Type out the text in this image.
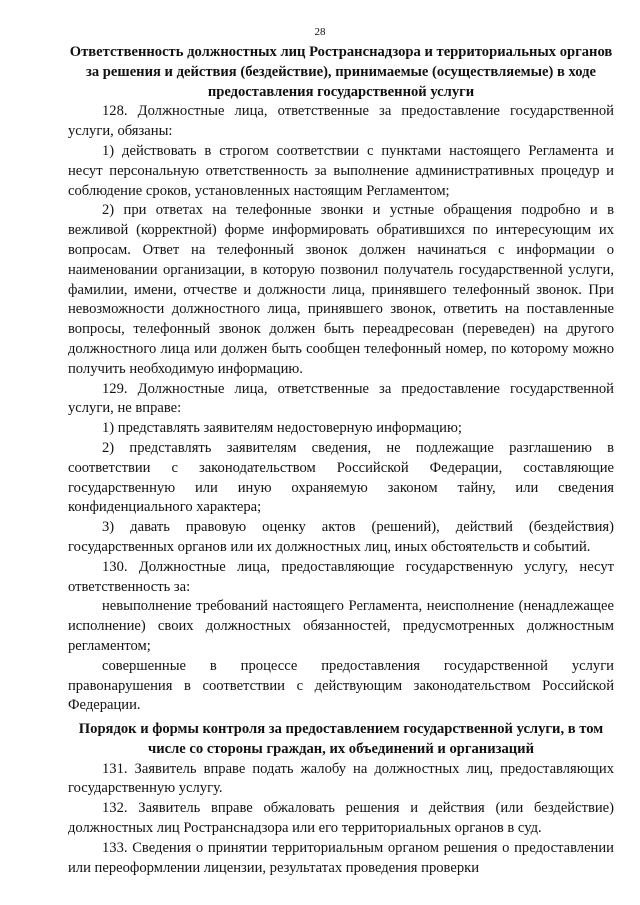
28

Ответственность должностных лиц Ространснадзора и территориальных органов за решения и действия (бездействие), принимаемые (осуществляемые) в ходе предоставления государственной услуги

128. Должностные лица, ответственные за предоставление государственной услуги, обязаны:

1) действовать в строгом соответствии с пунктами настоящего Регламента и несут персональную ответственность за выполнение административных процедур и соблюдение сроков, установленных настоящим Регламентом;

2) при ответах на телефонные звонки и устные обращения подробно и в вежливой (корректной) форме информировать обратившихся по интересующим их вопросам. Ответ на телефонный звонок должен начинаться с информации о наименовании организации, в которую позвонил получатель государственной услуги, фамилии, имени, отчестве и должности лица, принявшего телефонный звонок. При невозможности должностного лица, принявшего звонок, ответить на поставленные вопросы, телефонный звонок должен быть переадресован (переведен) на другого должностного лица или должен быть сообщен телефонный номер, по которому можно получить необходимую информацию.

129. Должностные лица, ответственные за предоставление государственной услуги, не вправе:

1) представлять заявителям недостоверную информацию;

2) представлять заявителям сведения, не подлежащие разглашению в соответствии с законодательством Российской Федерации, составляющие государственную или иную охраняемую законом тайну, или сведения конфиденциального характера;

3) давать правовую оценку актов (решений), действий (бездействия) государственных органов или их должностных лиц, иных обстоятельств и событий.

130. Должностные лица, предоставляющие государственную услугу, несут ответственность за:

невыполнение требований настоящего Регламента, неисполнение (ненадлежащее исполнение) своих должностных обязанностей, предусмотренных должностным регламентом;

совершенные в процессе предоставления государственной услуги правонарушения в соответствии с действующим законодательством Российской Федерации.

Порядок и формы контроля за предоставлением государственной услуги, в том числе со стороны граждан, их объединений и организаций

131. Заявитель вправе подать жалобу на должностных лиц, предоставляющих государственную услугу.

132. Заявитель вправе обжаловать решения и действия (или бездействие) должностных лиц Ространснадзора или его территориальных органов в суд.

133. Сведения о принятии территориальным органом решения о предоставлении или переоформлении лицензии, результатах проведения проверки
